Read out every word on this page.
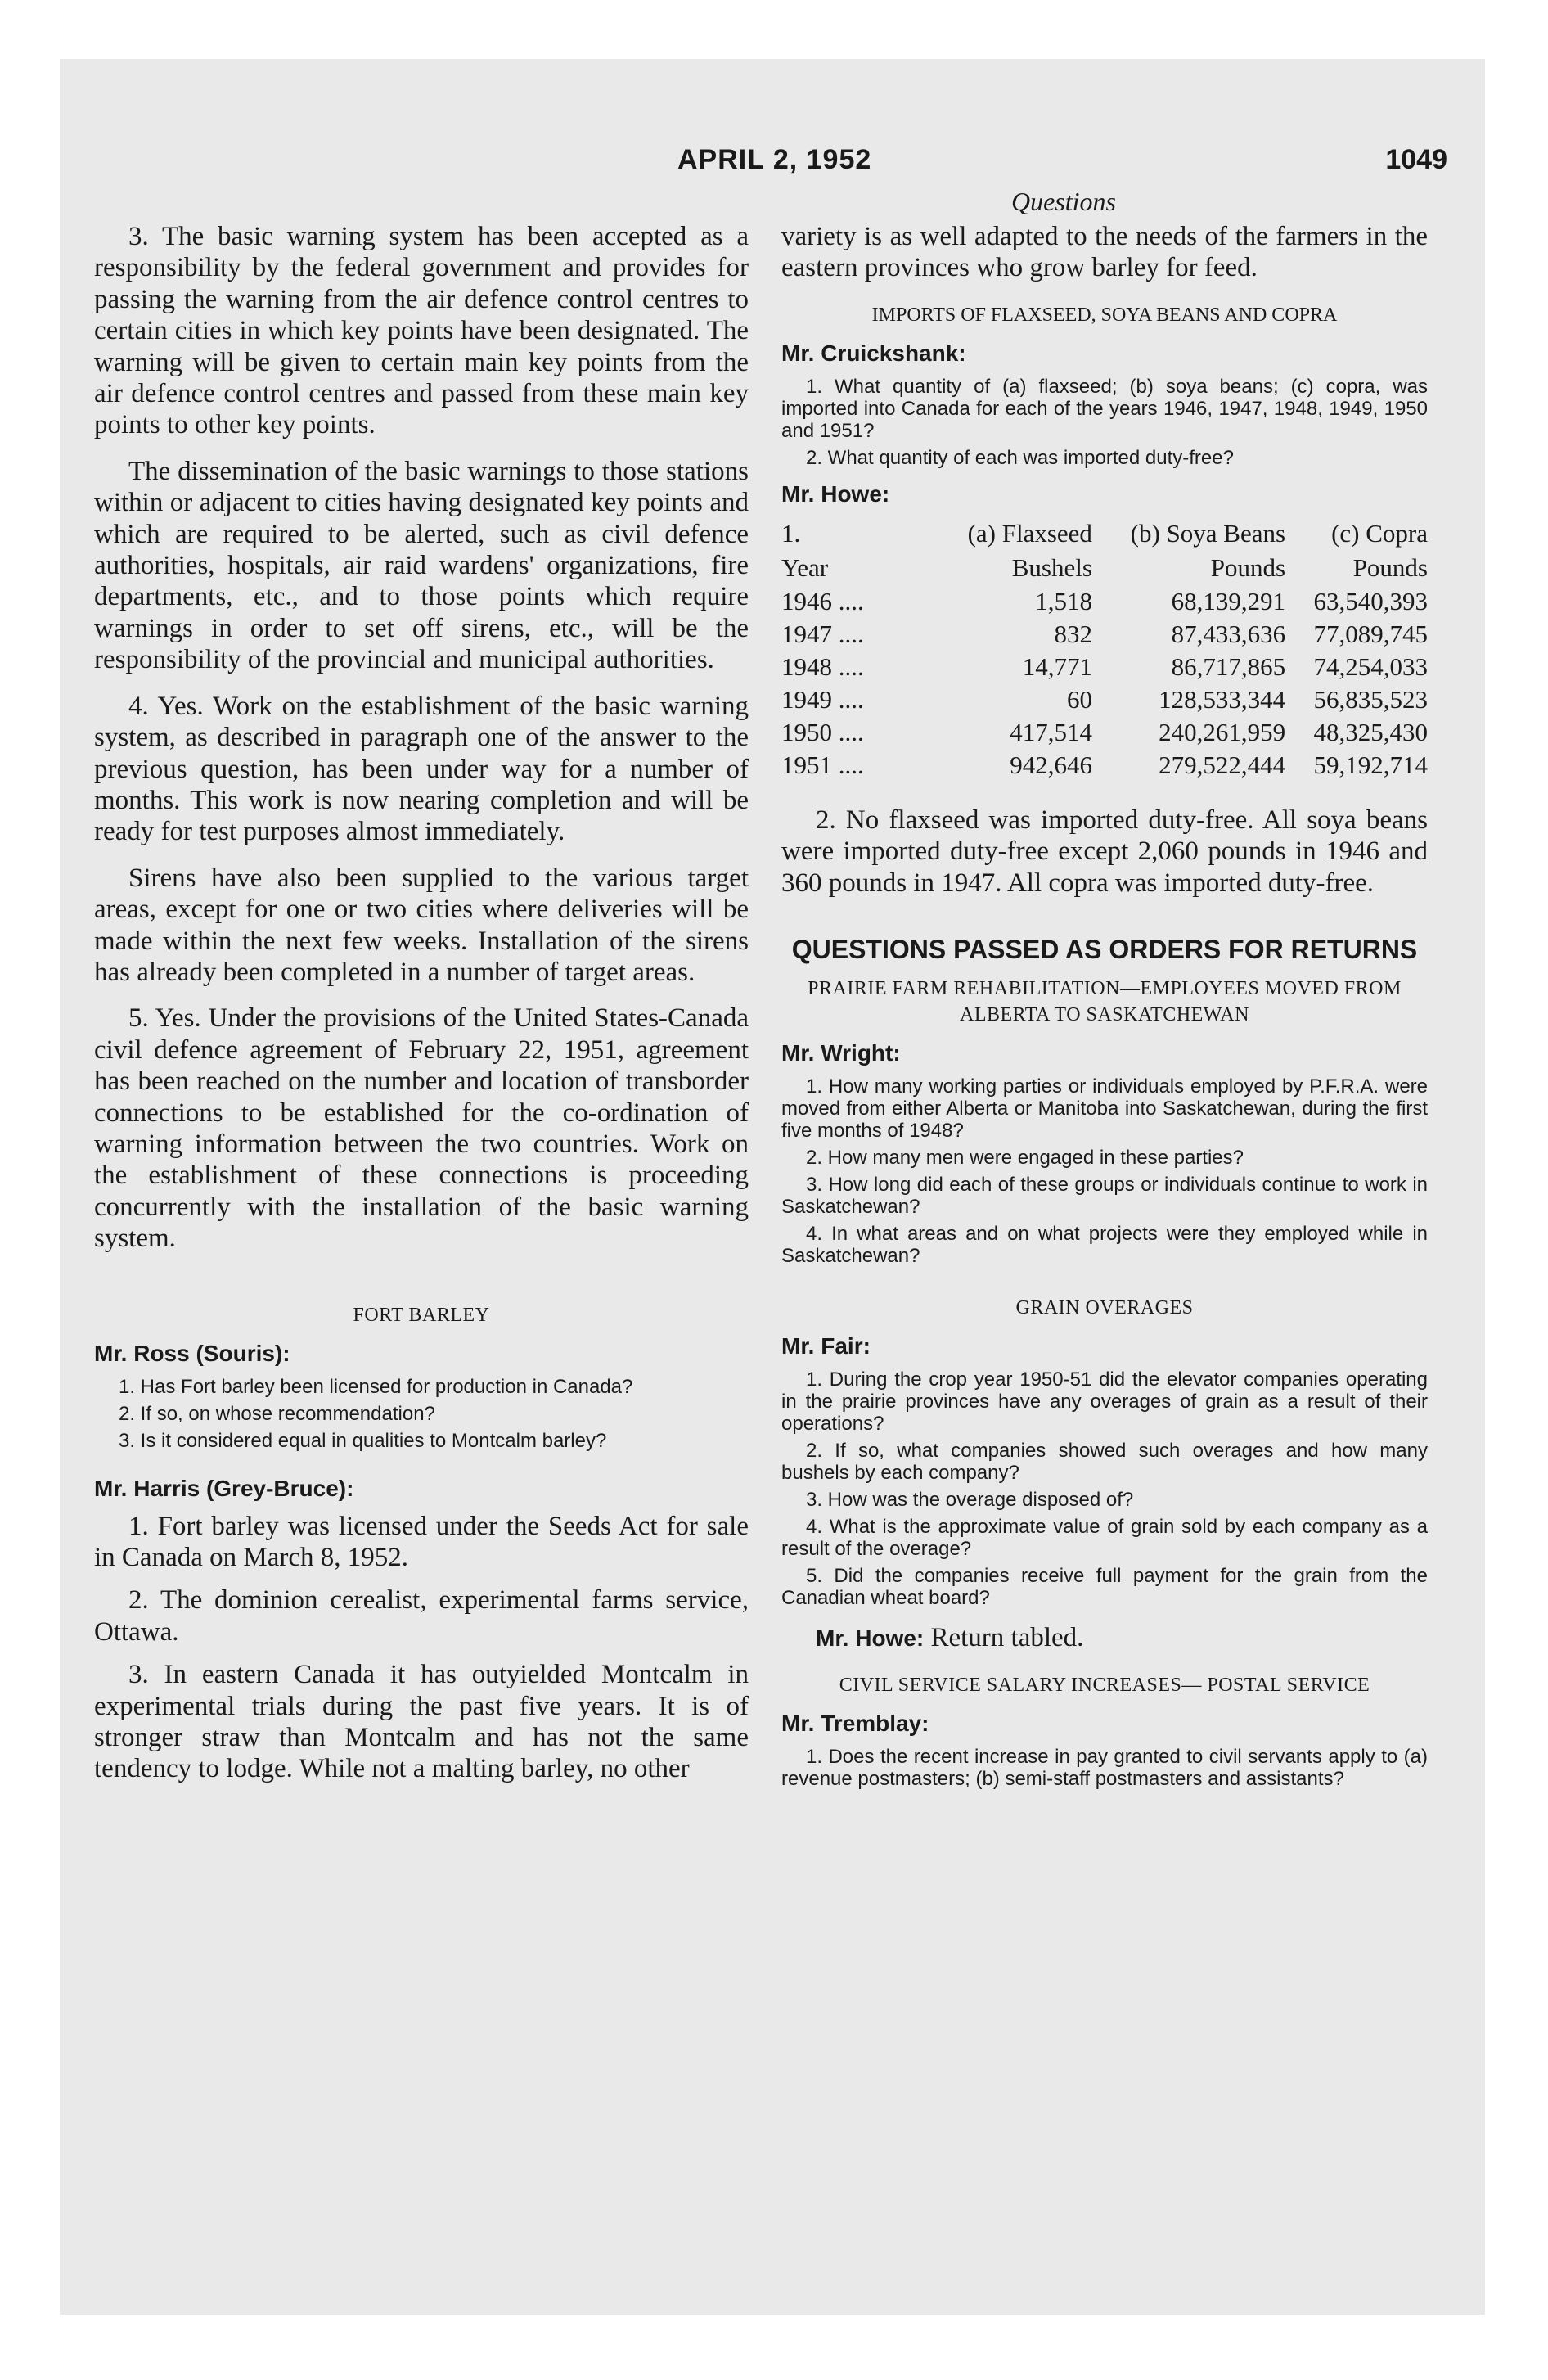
APRIL 2, 1952	1049
Questions

3. The basic warning system has been accepted as a responsibility by the federal government and provides for passing the warning from the air defence control centres to certain cities in which key points have been designated. The warning will be given to certain main key points from the air defence control centres and passed from these main key points to other key points.

The dissemination of the basic warnings to those stations within or adjacent to cities having designated key points and which are required to be alerted, such as civil defence authorities, hospitals, air raid wardens' organizations, fire departments, etc., and to those points which require warnings in order to set off sirens, etc., will be the responsibility of the provincial and municipal authorities.

4. Yes. Work on the establishment of the basic warning system, as described in paragraph one of the answer to the previous question, has been under way for a number of months. This work is now nearing completion and will be ready for test purposes almost immediately.

Sirens have also been supplied to the various target areas, except for one or two cities where deliveries will be made within the next few weeks. Installation of the sirens has already been completed in a number of target areas.

5. Yes. Under the provisions of the United States-Canada civil defence agreement of February 22, 1951, agreement has been reached on the number and location of transborder connections to be established for the co-ordination of warning information between the two countries. Work on the establishment of these connections is proceeding concurrently with the installation of the basic warning system.

FORT BARLEY
Mr. Ross (Souris):

1. Has Fort barley been licensed for production in Canada?

2. If so, on whose recommendation?

3. Is it considered equal in qualities to Montcalm barley?

Mr. Harris (Grey-Bruce):

1. Fort barley was licensed under the Seeds Act for sale in Canada on March 8, 1952.

2. The dominion cerealist, experimental farms service, Ottawa.

3. In eastern Canada it has outyielded Montcalm in experimental trials during the past five years. It is of stronger straw than Montcalm and has not the same tendency to lodge. While not a malting barley, no other

variety is as well adapted to the needs of the farmers in the eastern provinces who grow barley for feed.

IMPORTS OF FLAXSEED, SOYA BEANS AND COPRA
Mr. Cruickshank:

1. What quantity of (a) flaxseed; (b) soya beans; (c) copra, was imported into Canada for each of the years 1946, 1947, 1948, 1949, 1950 and 1951?

2. What quantity of each was imported duty-free?

Mr. Howe:
1.	(a) Flaxseed	(b) Soya Beans	(c) Copra
Year	Bushels	Pounds	Pounds
1946 ....	1,518	68,139,291	63,540,393
1947 ....	832	87,433,636	77,089,745
1948 ....	14,771	86,717,865	74,254,033
1949 ....	60	128,533,344	56,835,523
1950 ....	417,514	240,261,959	48,325,430
1951 ....	942,646	279,522,444	59,192,714

2. No flaxseed was imported duty-free. All soya beans were imported duty-free except 2,060 pounds in 1946 and 360 pounds in 1947. All copra was imported duty-free.

QUESTIONS PASSED AS ORDERS FOR RETURNS
PRAIRIE FARM REHABILITATION—EMPLOYEES MOVED FROM ALBERTA TO SASKATCHEWAN
Mr. Wright:

1. How many working parties or individuals employed by P.F.R.A. were moved from either Alberta or Manitoba into Saskatchewan, during the first five months of 1948?

2. How many men were engaged in these parties?

3. How long did each of these groups or individuals continue to work in Saskatchewan?

4. In what areas and on what projects were they employed while in Saskatchewan?

GRAIN OVERAGES
Mr. Fair:

1. During the crop year 1950-51 did the elevator companies operating in the prairie provinces have any overages of grain as a result of their operations?

2. If so, what companies showed such overages and how many bushels by each company?

3. How was the overage disposed of?

4. What is the approximate value of grain sold by each company as a result of the overage?

5. Did the companies receive full payment for the grain from the Canadian wheat board?

Mr. Howe: Return tabled.

CIVIL SERVICE SALARY INCREASES— POSTAL SERVICE
Mr. Tremblay:

1. Does the recent increase in pay granted to civil servants apply to (a) revenue postmasters; (b) semi-staff postmasters and assistants?
